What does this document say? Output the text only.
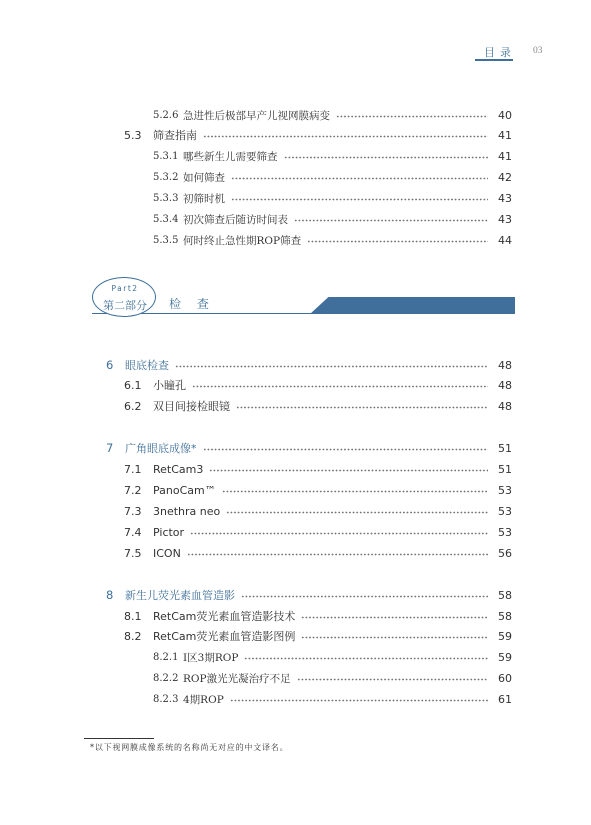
目录 03
5.2.6 急进性后极部早产儿视网膜病变	40
5.3	筛查指南	41
5.3.1 哪些新生儿需要筛查	41
5.3.2 如何筛查	42
5.3.3 初筛时机	43
5.3.4 初次筛查后随访时间表	43
5.3.5 何时终止急性期ROP筛查	44
Part2
第二部分	检 查
6	眼底检查	48
6.1	小瞳孔	48
6.2	双目间接检眼镜	48
7	广角眼底成像*	51
7.1	RetCam3	51
7.2	PanoCam™	53
7.3	3nethra neo	53
7.4	Pictor	53
7.5	ICON	56
8	新生儿荧光素血管造影	58
8.1	RetCam荧光素血管造影技术	58
8.2	RetCam荧光素血管造影图例	59
8.2.1 Ⅰ区3期ROP	59
8.2.2 ROP激光光凝治疗不足	60
8.2.3 4期ROP	61
*以下视网膜成像系统的名称尚无对应的中文译名。
